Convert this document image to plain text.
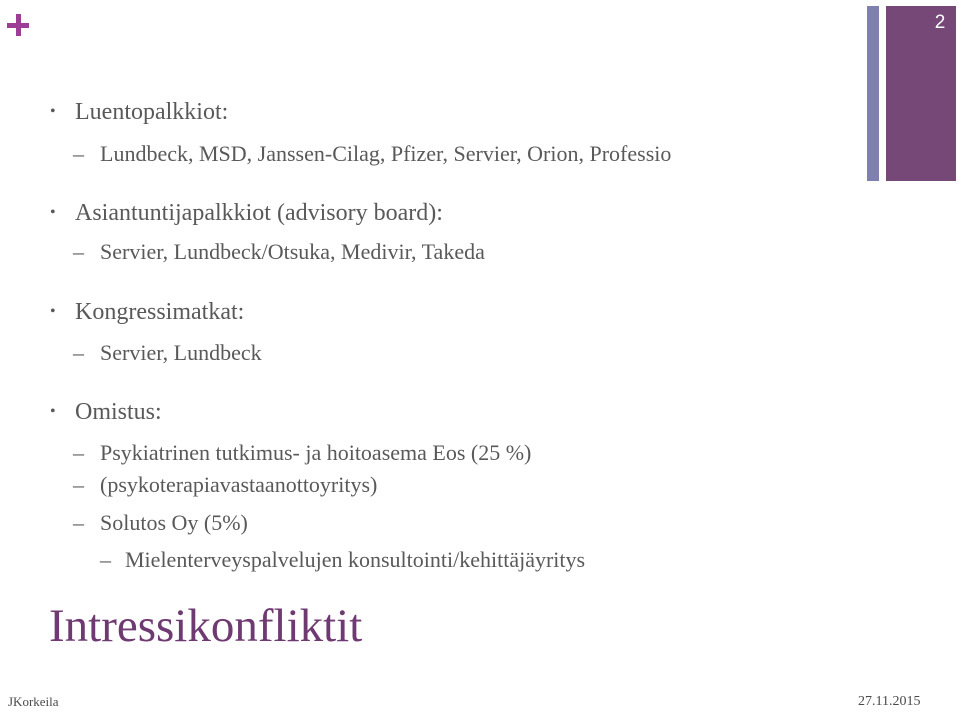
2
Luentopalkkiot:
Lundbeck, MSD, Janssen-Cilag, Pfizer, Servier, Orion, Professio
Asiantuntijapalkkiot (advisory board):
Servier, Lundbeck/Otsuka, Medivir, Takeda
Kongressimatkat:
Servier, Lundbeck
Omistus:
Psykiatrinen tutkimus- ja hoitoasema Eos (25 %)
(psykoterapiavastaanottoyritys)
Solutos Oy (5%)
Mielenterveyspalvelujen konsultointi/kehittäjäyritys
Intressikonfliktit
JKorkeila	27.11.2015
